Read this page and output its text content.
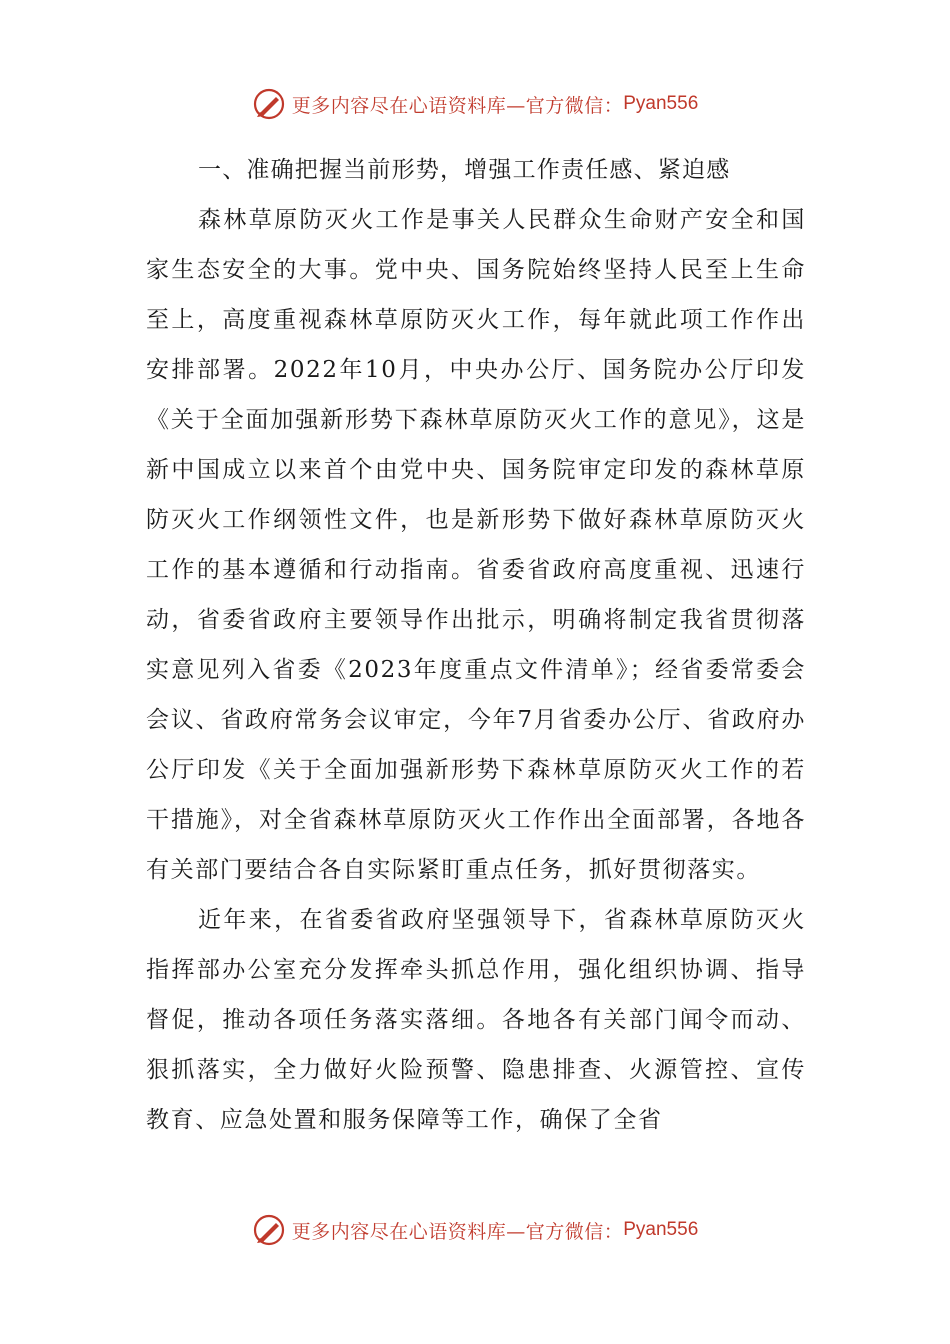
更多内容尽在心语资料库—官方微信： Pyan556

一、准确把握当前形势，增强工作责任感、紧迫感

森林草原防灭火工作是事关人民群众生命财产安全和国家生态安全的大事。党中央、国务院始终坚持人民至上生命至上，高度重视森林草原防灭火工作，每年就此项工作作出安排部署。2022年10月，中央办公厅、国务院办公厅印发《关于全面加强新形势下森林草原防灭火工作的意见》，这是新中国成立以来首个由党中央、国务院审定印发的森林草原防灭火工作纲领性文件，也是新形势下做好森林草原防灭火工作的基本遵循和行动指南。省委省政府高度重视、迅速行动，省委省政府主要领导作出批示，明确将制定我省贯彻落实意见列入省委《2023年度重点文件清单》；经省委常委会会议、省政府常务会议审定，今年7月省委办公厅、省政府办公厅印发《关于全面加强新形势下森林草原防灭火工作的若干措施》，对全省森林草原防灭火工作作出全面部署，各地各有关部门要结合各自实际紧盯重点任务，抓好贯彻落实。

近年来，在省委省政府坚强领导下，省森林草原防灭火指挥部办公室充分发挥牵头抓总作用，强化组织协调、指导督促，推动各项任务落实落细。各地各有关部门闻令而动、狠抓落实，全力做好火险预警、隐患排查、火源管控、宣传教育、应急处置和服务保障等工作，确保了全省

更多内容尽在心语资料库—官方微信： Pyan556
